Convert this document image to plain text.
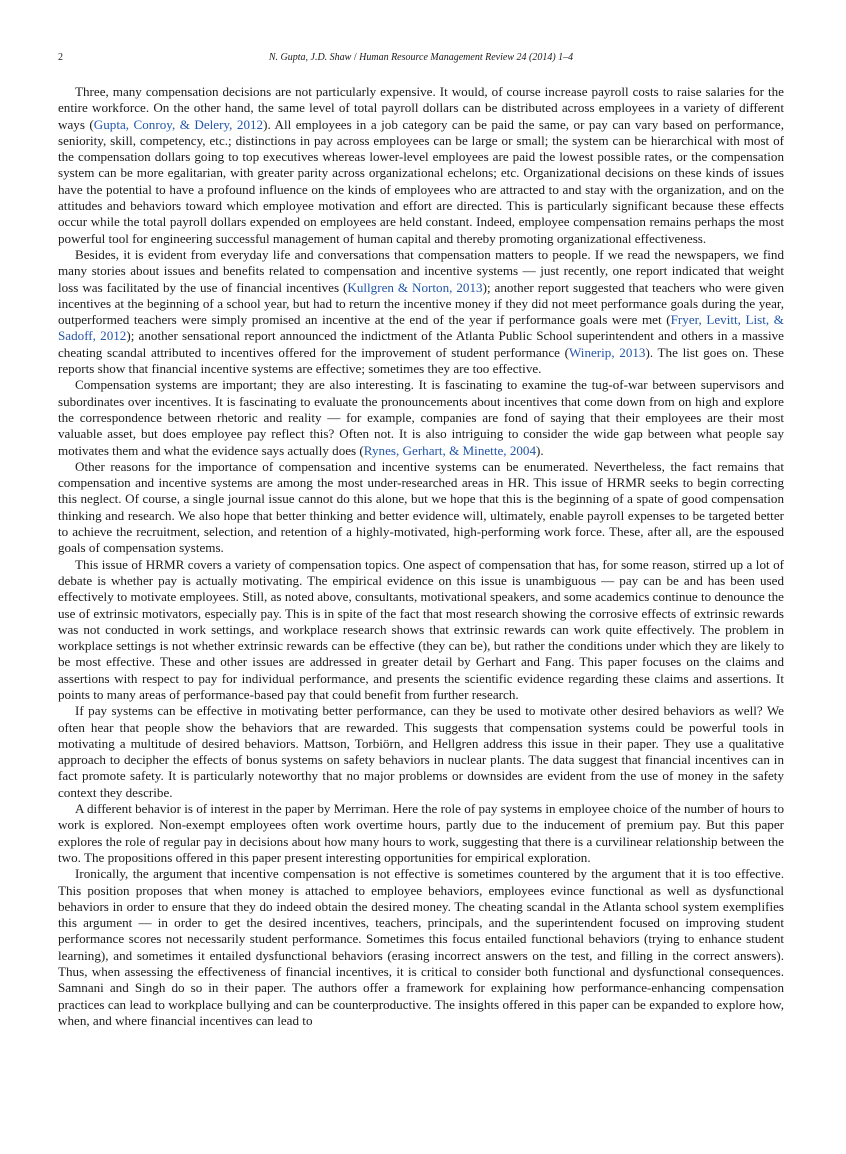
2	N. Gupta, J.D. Shaw / Human Resource Management Review 24 (2014) 1–4

Three, many compensation decisions are not particularly expensive. It would, of course increase payroll costs to raise salaries for the entire workforce. On the other hand, the same level of total payroll dollars can be distributed across employees in a variety of different ways (Gupta, Conroy, & Delery, 2012). All employees in a job category can be paid the same, or pay can vary based on performance, seniority, skill, competency, etc.; distinctions in pay across employees can be large or small; the system can be hierarchical with most of the compensation dollars going to top executives whereas lower-level employees are paid the lowest possible rates, or the compensation system can be more egalitarian, with greater parity across organizational echelons; etc. Organizational decisions on these kinds of issues have the potential to have a profound influence on the kinds of employees who are attracted to and stay with the organization, and on the attitudes and behaviors toward which employee motivation and effort are directed. This is particularly significant because these effects occur while the total payroll dollars expended on employees are held constant. Indeed, employee compensation remains perhaps the most powerful tool for engineering successful management of human capital and thereby promoting organizational effectiveness.

Besides, it is evident from everyday life and conversations that compensation matters to people. If we read the newspapers, we find many stories about issues and benefits related to compensation and incentive systems — just recently, one report indicated that weight loss was facilitated by the use of financial incentives (Kullgren & Norton, 2013); another report suggested that teachers who were given incentives at the beginning of a school year, but had to return the incentive money if they did not meet performance goals during the year, outperformed teachers were simply promised an incentive at the end of the year if performance goals were met (Fryer, Levitt, List, & Sadoff, 2012); another sensational report announced the indictment of the Atlanta Public School superintendent and others in a massive cheating scandal attributed to incentives offered for the improvement of student performance (Winerip, 2013). The list goes on. These reports show that financial incentive systems are effective; sometimes they are too effective.

Compensation systems are important; they are also interesting. It is fascinating to examine the tug-of-war between supervisors and subordinates over incentives. It is fascinating to evaluate the pronouncements about incentives that come down from on high and explore the correspondence between rhetoric and reality — for example, companies are fond of saying that their employees are their most valuable asset, but does employee pay reflect this? Often not. It is also intriguing to consider the wide gap between what people say motivates them and what the evidence says actually does (Rynes, Gerhart, & Minette, 2004).

Other reasons for the importance of compensation and incentive systems can be enumerated. Nevertheless, the fact remains that compensation and incentive systems are among the most under-researched areas in HR. This issue of HRMR seeks to begin correcting this neglect. Of course, a single journal issue cannot do this alone, but we hope that this is the beginning of a spate of good compensation thinking and research. We also hope that better thinking and better evidence will, ultimately, enable payroll expenses to be targeted better to achieve the recruitment, selection, and retention of a highly-motivated, high-performing work force. These, after all, are the espoused goals of compensation systems.

This issue of HRMR covers a variety of compensation topics. One aspect of compensation that has, for some reason, stirred up a lot of debate is whether pay is actually motivating. The empirical evidence on this issue is unambiguous — pay can be and has been used effectively to motivate employees. Still, as noted above, consultants, motivational speakers, and some academics continue to denounce the use of extrinsic motivators, especially pay. This is in spite of the fact that most research showing the corrosive effects of extrinsic rewards was not conducted in work settings, and workplace research shows that extrinsic rewards can work quite effectively. The problem in workplace settings is not whether extrinsic rewards can be effective (they can be), but rather the conditions under which they are likely to be most effective. These and other issues are addressed in greater detail by Gerhart and Fang. This paper focuses on the claims and assertions with respect to pay for individual performance, and presents the scientific evidence regarding these claims and assertions. It points to many areas of performance-based pay that could benefit from further research.

If pay systems can be effective in motivating better performance, can they be used to motivate other desired behaviors as well? We often hear that people show the behaviors that are rewarded. This suggests that compensation systems could be powerful tools in motivating a multitude of desired behaviors. Mattson, Torbiörn, and Hellgren address this issue in their paper. They use a qualitative approach to decipher the effects of bonus systems on safety behaviors in nuclear plants. The data suggest that financial incentives can in fact promote safety. It is particularly noteworthy that no major problems or downsides are evident from the use of money in the safety context they describe.

A different behavior is of interest in the paper by Merriman. Here the role of pay systems in employee choice of the number of hours to work is explored. Non-exempt employees often work overtime hours, partly due to the inducement of premium pay. But this paper explores the role of regular pay in decisions about how many hours to work, suggesting that there is a curvilinear relationship between the two. The propositions offered in this paper present interesting opportunities for empirical exploration.

Ironically, the argument that incentive compensation is not effective is sometimes countered by the argument that it is too effective. This position proposes that when money is attached to employee behaviors, employees evince functional as well as dysfunctional behaviors in order to ensure that they do indeed obtain the desired money. The cheating scandal in the Atlanta school system exemplifies this argument — in order to get the desired incentives, teachers, principals, and the superintendent focused on improving student performance scores not necessarily student performance. Sometimes this focus entailed functional behaviors (trying to enhance student learning), and sometimes it entailed dysfunctional behaviors (erasing incorrect answers on the test, and filling in the correct answers). Thus, when assessing the effectiveness of financial incentives, it is critical to consider both functional and dysfunctional consequences. Samnani and Singh do so in their paper. The authors offer a framework for explaining how performance-enhancing compensation practices can lead to workplace bullying and can be counterproductive. The insights offered in this paper can be expanded to explore how, when, and where financial incentives can lead to
